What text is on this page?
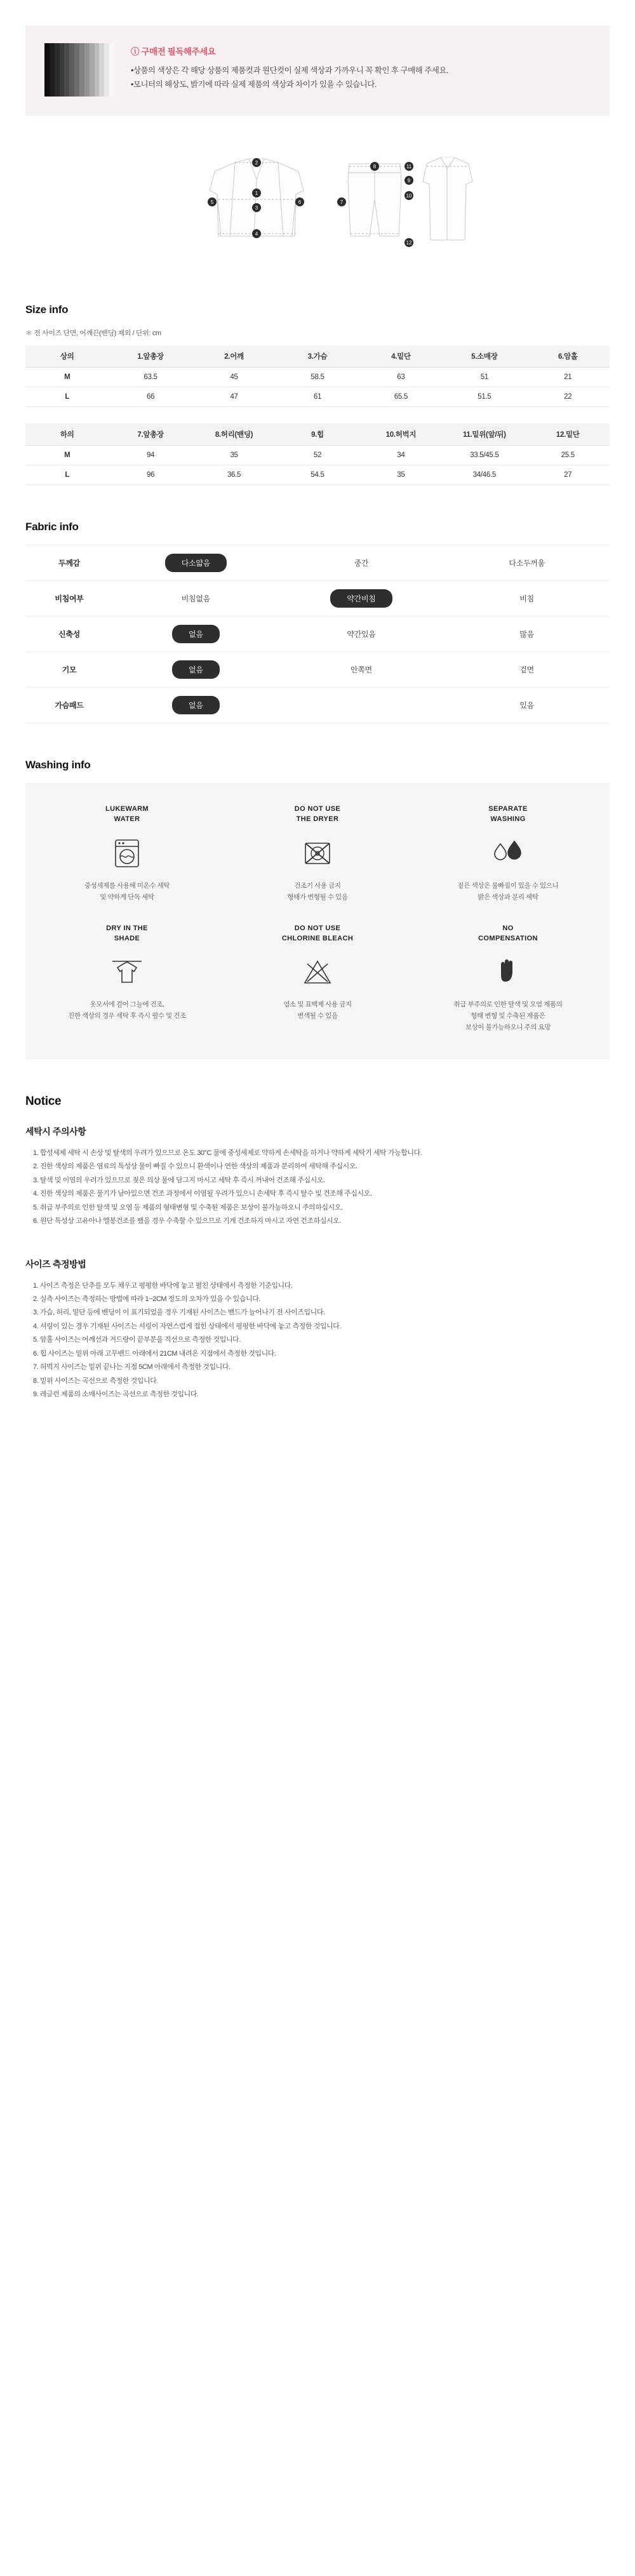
ⓘ 구매전 필독해주세요
•상품의 색상은 각 해당 상품의 제품컷과 원단컷이 실제 색상과 가까우니 꼭 확인 후 구매해 주세요.
•모니터의 해상도, 밝기에 따라 실제 제품의 색상과 차이가 있을 수 있습니다.
1
2
3
4
5	6	7
8
9
10
11
12
Size info
＊ 전 사이즈 단면, 어깨끈(밴딩) 제외 / 단위: cm
상의	1.앞총장	2.어깨	3.가슴	4.밑단	5.소매장	6.암홀
M	63.5	45	58.5	63	51	21
L	66	47	61	65.5	51.5	22
하의	7.앞총장	8.허리(밴딩)	9.힙	10.허벅지	11.밑위(앞/뒤)	12.밑단
M	94	35	52	34	33.5/45.5	25.5
L	96	36.5	54.5	35	34/46.5	27
Fabric info
두께감	다소얇음	중간	다소두꺼움
비침여부	비침없음	약간비침	비침
신축성	없음	약간있음	많음
기모	없음	안쪽면	겉면
가슴패드	없음		있음
Washing info
LUKEWARM
WATER
중성세제를 사용해 미온수 세탁
및 약하게 단독 세탁
DO NOT USE
THE DRYER
건조기 사용 금지
형태가 변형될 수 있음
SEPARATE
WASHING
짙은 색상은 물빠짐이 있을 수 있으니
밝은 색상과 분리 세탁
DRY IN THE
SHADE
옷모서에 걸어 그늘에 건조,
진한 색상의 경우 세탁 후 즉시 펼수 및 건조
DO NOT USE
CHLORINE BLEACH
염소 및 표백제 사용 금지
변색될 수 있음
NO
COMPENSATION
취급 부주의로 인한 탈색 및 오염 제품의
형태 변형 및 수축된 제품은
보상이 불가능하오니 주의 요망
Notice
세탁시 주의사항
1. 합성세제 세탁 시 손상 및 탈색의 우려가 있으므로 온도 30°C 물에 중성세제로 약하게 손세탁을 하거나 약하게 세탁기 세탁 가능합니다.
2. 진한 색상의 제품은 염료의 특성상 물이 빠질 수 있으니 환색이나 연한 색상의 제품과 분리하여 세탁해 주십시오.
3. 탈색 및 이염의 우려가 있으므로 젖은 의상 물에 담그지 마시고 세탁 후 즉시 꺼내어 건조해 주십시오.
4. 진한 색상의 제품은 물기가 남아있으면 건조 과정에서 이염될 우려가 있으니 손세탁 후 즉시 탈수 및 건조해 주십시오.
5. 취급 부주의로 인한 탈색 및 오염 등 제품의 형태변형 및 수축된 제품은 보상이 불가능하오니 주의하십시오.
6. 원단 특성상 고유아나 엘봉건조를 했을 경우 수축할 수 있으므로 기계 건조하지 마시고 자연 건조하십시오.
사이즈 측정방법
1. 사이즈 측정은 단추를 모두 채우고 평평한 바닥에 놓고 펼친 상태에서 측정한 기준입니다.
2. 실측 사이즈는 측정하는 방법에 따라 1~2CM 정도의 오차가 있을 수 있습니다.
3. 가슴, 허리, 밑단 등에 밴딩이 이 표기되었을 경우 기재된 사이즈는 밴드가 늘어나기 전 사이즈입니다.
4. 셔링이 있는 경우 기재된 사이즈는 셔링이 자연스럽게 접힌 상태에서 평평한 바닥에 놓고 측정한 것입니다.
5. 암홀 사이즈는 어깨선과 겨드랑이 끝부분을 직선으로 측정한 것입니다.
6. 힙 사이즈는 밑위 아래 고무밴드 아래에서 21CM 내려온 지점에서 측정한 것입니다.
7. 허벅지 사이즈는 밑위 끝나는 지점 5CM 아래에서 측정한 것입니다.
8. 밑위 사이즈는 곡선으로 측정한 것입니다.
9. 레글런 제품의 소매사이즈는 곡선으로 측정한 것입니다.
